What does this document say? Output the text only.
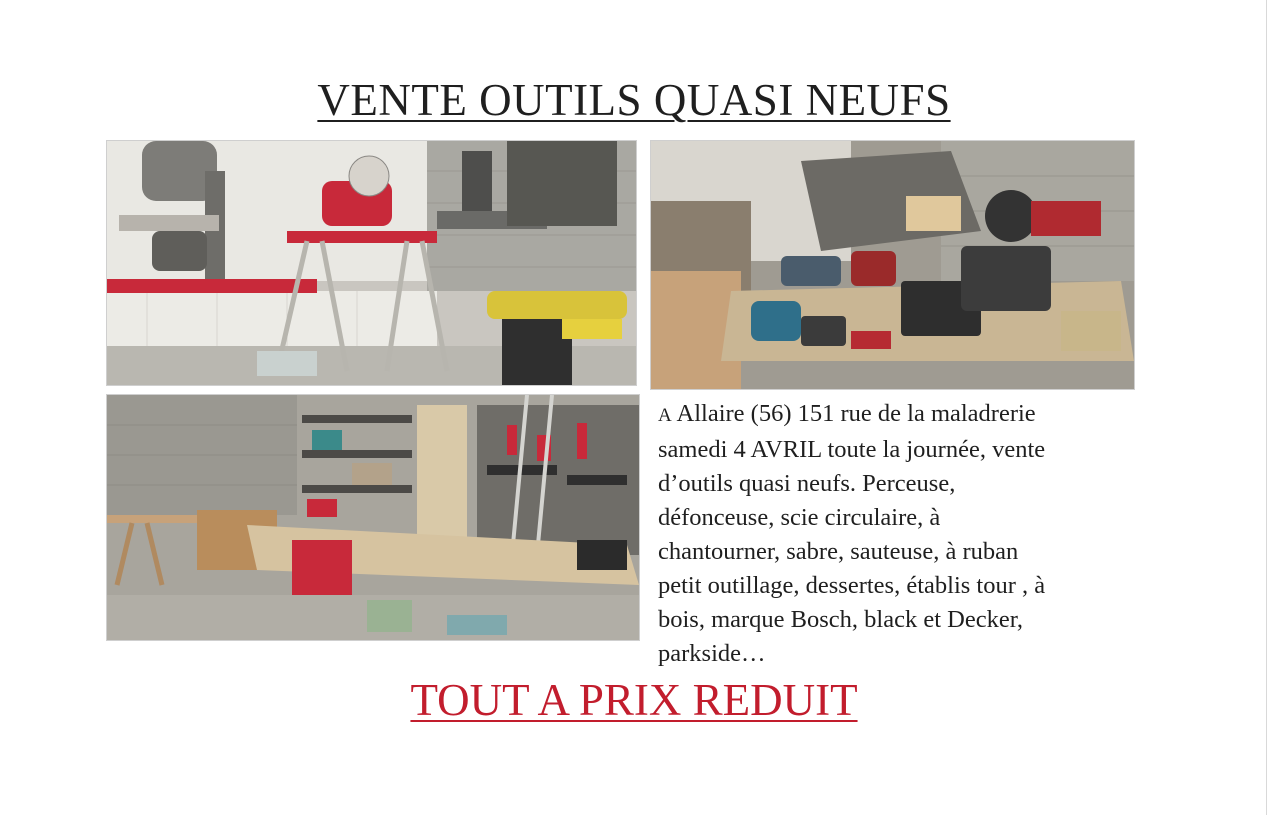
VENTE OUTILS QUASI NEUFS

A Allaire (56) 151 rue de la maladrerie
samedi 4 AVRIL toute la journée, vente
d’outils quasi neufs. Perceuse,
défonceuse, scie circulaire, à
chantourner, sabre, sauteuse, à ruban
petit outillage, dessertes, établis tour , à
bois, marque Bosch, black et Decker,
parkside…

TOUT A PRIX REDUIT
